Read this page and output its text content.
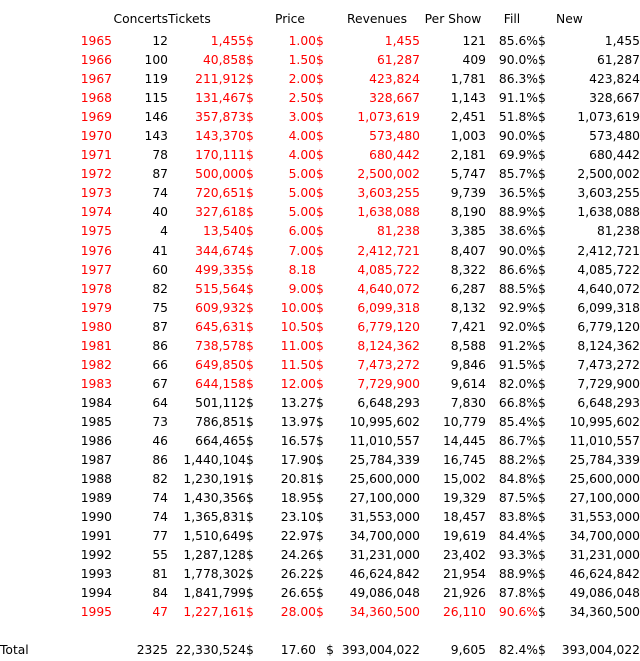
	Concerts	Tickets		Price		Revenues	Per Show	Fill		New
1965	12	1,455	$	1.00	$	1,455	121	85.6%	$	1,455
1966	100	40,858	$	1.50	$	61,287	409	90.0%	$	61,287
1967	119	211,912	$	2.00	$	423,824	1,781	86.3%	$	423,824
1968	115	131,467	$	2.50	$	328,667	1,143	91.1%	$	328,667
1969	146	357,873	$	3.00	$	1,073,619	2,451	51.8%	$	1,073,619
1970	143	143,370	$	4.00	$	573,480	1,003	90.0%	$	573,480
1971	78	170,111	$	4.00	$	680,442	2,181	69.9%	$	680,442
1972	87	500,000	$	5.00	$	2,500,002	5,747	85.7%	$	2,500,002
1973	74	720,651	$	5.00	$	3,603,255	9,739	36.5%	$	3,603,255
1974	40	327,618	$	5.00	$	1,638,088	8,190	88.9%	$	1,638,088
1975	4	13,540	$	6.00	$	81,238	3,385	38.6%	$	81,238
1976	41	344,674	$	7.00	$	2,412,721	8,407	90.0%	$	2,412,721
1977	60	499,335	$	8.18		4,085,722	8,322	86.6%	$	4,085,722
1978	82	515,564	$	9.00	$	4,640,072	6,287	88.5%	$	4,640,072
1979	75	609,932	$	10.00	$	6,099,318	8,132	92.9%	$	6,099,318
1980	87	645,631	$	10.50	$	6,779,120	7,421	92.0%	$	6,779,120
1981	86	738,578	$	11.00	$	8,124,362	8,588	91.2%	$	8,124,362
1982	66	649,850	$	11.50	$	7,473,272	9,846	91.5%	$	7,473,272
1983	67	644,158	$	12.00	$	7,729,900	9,614	82.0%	$	7,729,900
1984	64	501,112	$	13.27	$	6,648,293	7,830	66.8%	$	6,648,293
1985	73	786,851	$	13.97	$	10,995,602	10,779	85.4%	$	10,995,602
1986	46	664,465	$	16.57	$	11,010,557	14,445	86.7%	$	11,010,557
1987	86	1,440,104	$	17.90	$	25,784,339	16,745	88.2%	$	25,784,339
1988	82	1,230,191	$	20.81	$	25,600,000	15,002	84.8%	$	25,600,000
1989	74	1,430,356	$	18.95	$	27,100,000	19,329	87.5%	$	27,100,000
1990	74	1,365,831	$	23.10	$	31,553,000	18,457	83.8%	$	31,553,000
1991	77	1,510,649	$	22.97	$	34,700,000	19,619	84.4%	$	34,700,000
1992	55	1,287,128	$	24.26	$	31,231,000	23,402	93.3%	$	31,231,000
1993	81	1,778,302	$	26.22	$	46,624,842	21,954	88.9%	$	46,624,842
1994	84	1,841,799	$	26.65	$	49,086,048	21,926	87.8%	$	49,086,048
1995	47	1,227,161	$	28.00	$	34,360,500	26,110	90.6%	$	34,360,500

Total	2325	22,330,524	$	17.60	$	393,004,022	9,605	82.4%	$	393,004,022
